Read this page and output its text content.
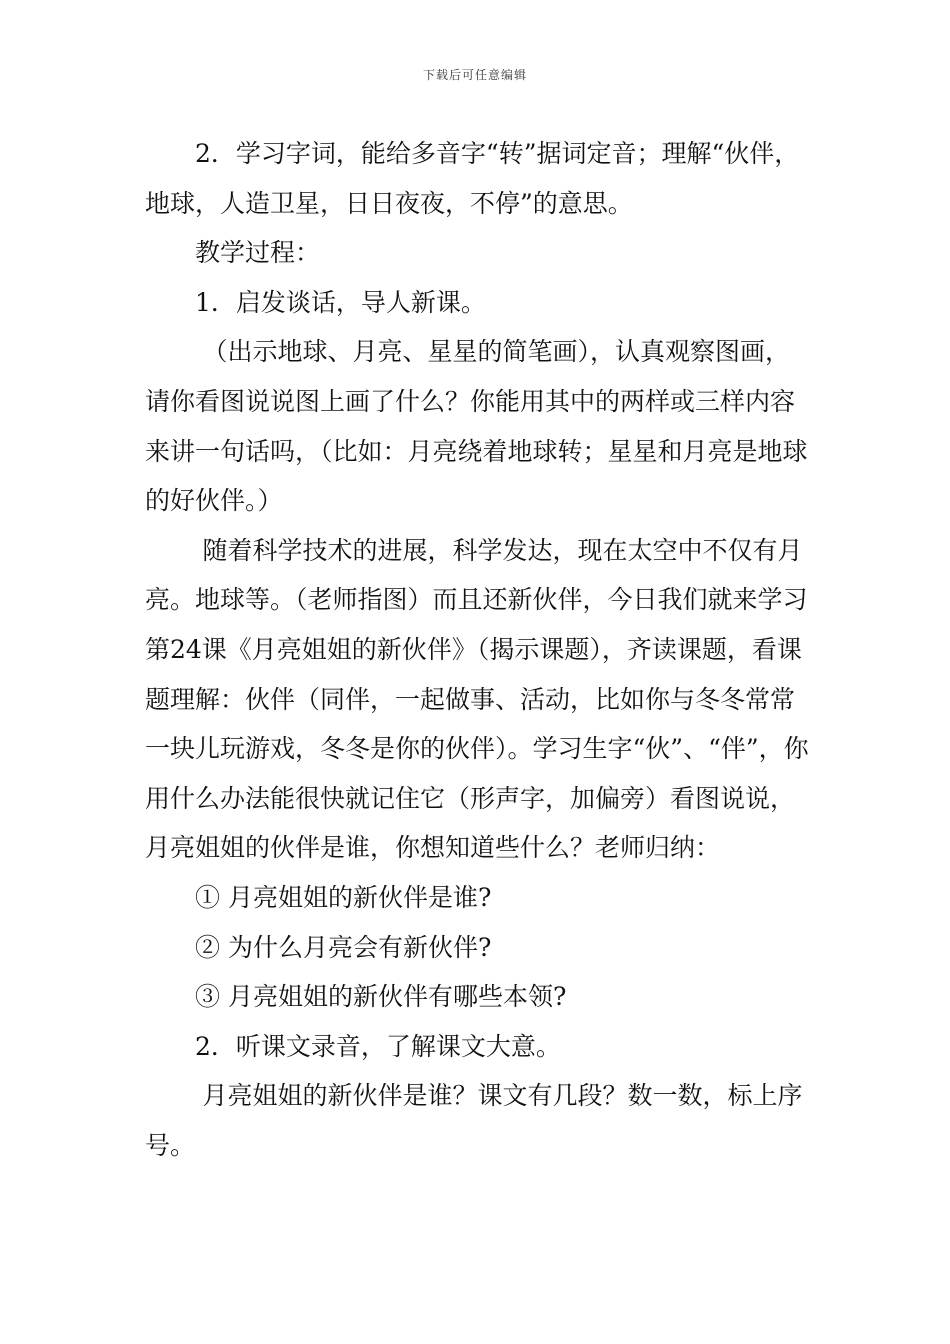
下载后可任意编辑

2．学习字词，能给多音字“转”据词定音；理解“伙伴，地球，人造卫星，日日夜夜，不停”的意思。

教学过程：

1．启发谈话，导人新课。

（出示地球、月亮、星星的简笔画），认真观察图画，请你看图说说图上画了什么？你能用其中的两样或三样内容来讲一句话吗，（比如：月亮绕着地球转；星星和月亮是地球的好伙伴。）

随着科学技术的进展，科学发达，现在太空中不仅有月亮。地球等。（老师指图）而且还新伙伴，今日我们就来学习第24课《月亮姐姐的新伙伴》（揭示课题），齐读课题，看课题理解：伙伴（同伴，一起做事、活动，比如你与冬冬常常一块儿玩游戏，冬冬是你的伙伴）。学习生字“伙”、“伴”，你用什么办法能很快就记住它（形声字，加偏旁）看图说说，月亮姐姐的伙伴是谁，你想知道些什么？老师归纳：

① 月亮姐姐的新伙伴是谁?

② 为什么月亮会有新伙伴?

③ 月亮姐姐的新伙伴有哪些本领?

2．听课文录音，了解课文大意。

月亮姐姐的新伙伴是谁？课文有几段？数一数，标上序号。
